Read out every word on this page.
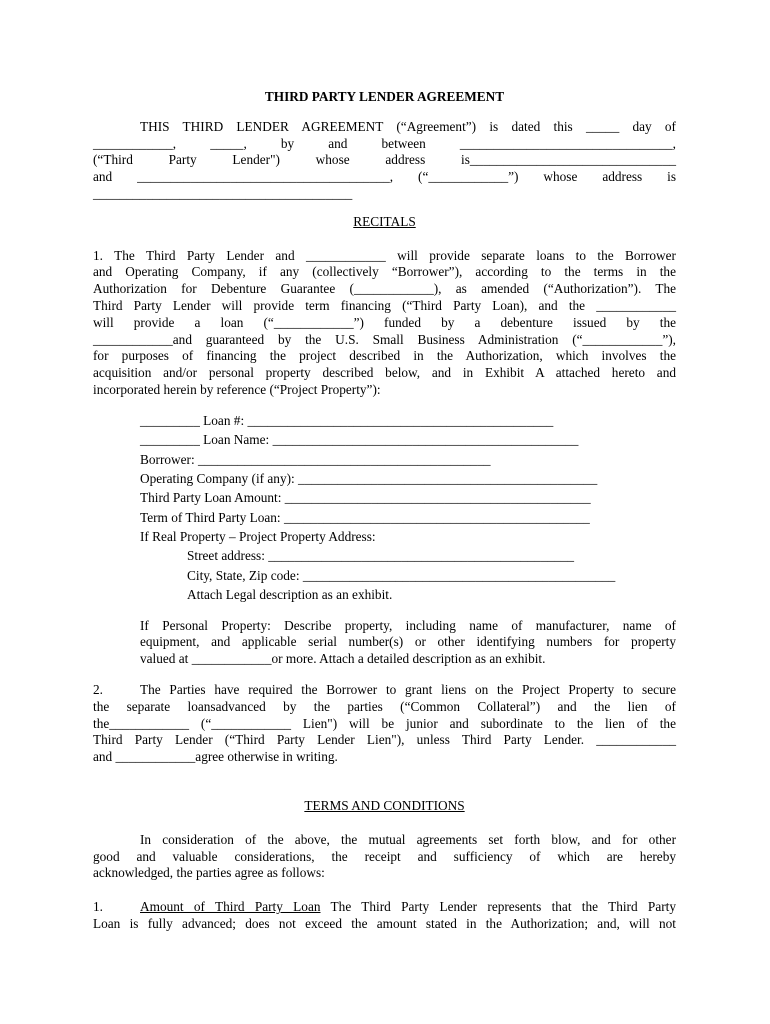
THIRD PARTY LENDER AGREEMENT

THIS THIRD LENDER AGREEMENT (“Agreement”) is dated this _____ day of

____________, _____, by and between ________________________________,

(“Third Party Lender") whose address is_______________________________

and ______________________________________, (“____________”) whose address is

_______________________________________

RECITALS
1. The Third Party Lender and ____________ will provide separate loans to the Borrower
and Operating Company, if any (collectively “Borrower”), according to the terms in the
Authorization for Debenture Guarantee (____________), as amended (“Authorization”). The
Third Party Lender will provide term financing (“Third Party Loan), and the ____________
will provide a loan (“____________”) funded by a debenture issued by the
____________and guaranteed by the U.S. Small Business Administration (“____________”),
for purposes of financing the project described in the Authorization, which involves the
acquisition and/or personal property described below, and in Exhibit A attached hereto and
incorporated herein by reference (“Project Property”):
_________ Loan #: ______________________________________________
_________ Loan Name: ______________________________________________
Borrower: ____________________________________________
Operating Company (if any): _____________________________________________
Third Party Loan Amount: ______________________________________________
Term of Third Party Loan: ______________________________________________
If Real Property – Project Property Address:
Street address: ______________________________________________
City, State, Zip code: _______________________________________________
Attach Legal description as an exhibit.
If Personal Property: Describe property, including name of manufacturer, name of
equipment, and applicable serial number(s) or other identifying numbers for property
valued at ____________or more. Attach a detailed description as an exhibit.
2.	The Parties have required the Borrower to grant liens on the Project Property to secure
the separate loansadvanced by the parties (“Common Collateral”) and the lien of
the____________ (“____________ Lien") will be junior and subordinate to the lien of the
Third Party Lender (“Third Party Lender Lien"), unless Third Party Lender. ____________
and ____________agree otherwise in writing.
TERMS AND CONDITIONS
In consideration of the above, the mutual agreements set forth blow, and for other
good and valuable considerations, the receipt and sufficiency of which are hereby
acknowledged, the parties agree as follows:
1.	Amount of Third Party Loan The Third Party Lender represents that the Third Party
Loan is fully advanced; does not exceed the amount stated in the Authorization; and, will not
